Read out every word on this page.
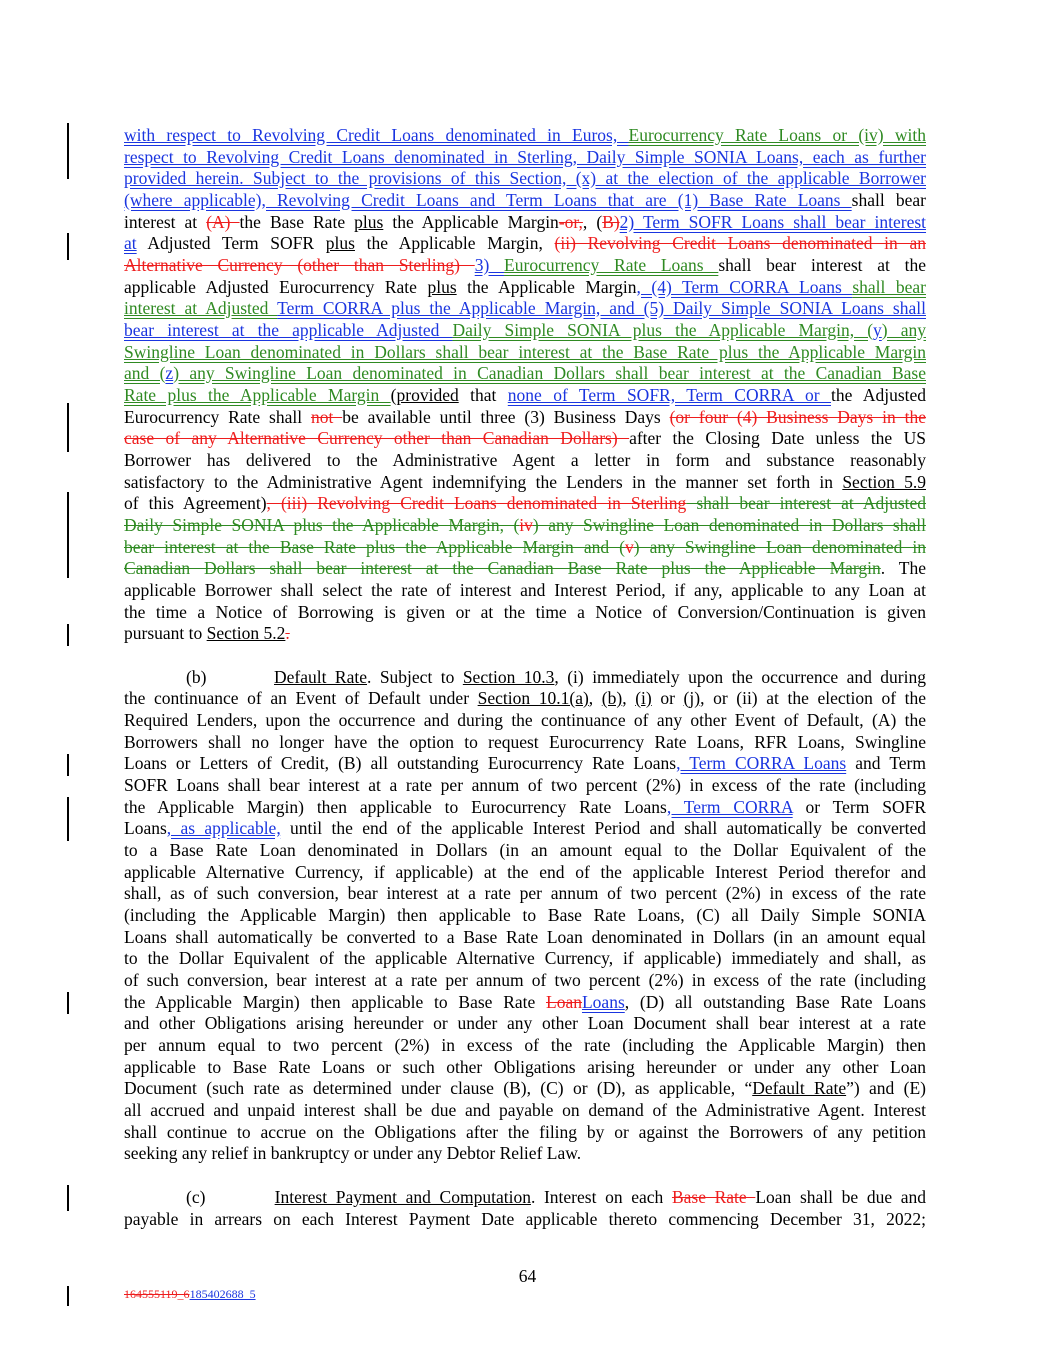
with respect to Revolving Credit Loans denominated in Euros, Eurocurrency Rate Loans or (iv) with
respect to Revolving Credit Loans denominated in Sterling, Daily Simple SONIA Loans, each as further
provided herein. Subject to the provisions of this Section, (x) at the election of the applicable Borrower
(where applicable), Revolving Credit Loans and Term Loans that are (1) Base Rate Loans shall bear
interest at (A) the Base Rate plus the Applicable Margin-or,, (B)2) Term SOFR Loans shall bear interest
at Adjusted Term SOFR plus the Applicable Margin, (ii) Revolving Credit Loans denominated in an
Alternative Currency (other than Sterling) 3) Eurocurrency Rate Loans shall bear interest at the
applicable Adjusted Eurocurrency Rate plus the Applicable Margin, (4) Term CORRA Loans shall bear
interest at Adjusted Term CORRA plus the Applicable Margin, and (5) Daily Simple SONIA Loans shall
bear interest at the applicable Adjusted Daily Simple SONIA plus the Applicable Margin, (y) any
Swingline Loan denominated in Dollars shall bear interest at the Base Rate plus the Applicable Margin
and (z) any Swingline Loan denominated in Canadian Dollars shall bear interest at the Canadian Base
Rate plus the Applicable Margin (provided that none of Term SOFR, Term CORRA or the Adjusted
Eurocurrency Rate shall not be available until three (3) Business Days (or four (4) Business Days in the
case of any Alternative Currency other than Canadian Dollars) after the Closing Date unless the US
Borrower has delivered to the Administrative Agent a letter in form and substance reasonably
satisfactory to the Administrative Agent indemnifying the Lenders in the manner set forth in Section 5.9
of this Agreement), (iii) Revolving Credit Loans denominated in Sterling shall bear interest at Adjusted
Daily Simple SONIA plus the Applicable Margin, (iv) any Swingline Loan denominated in Dollars shall
bear interest at the Base Rate plus the Applicable Margin and (v) any Swingline Loan denominated in
Canadian Dollars shall bear interest at the Canadian Base Rate plus the Applicable Margin. The
applicable Borrower shall select the rate of interest and Interest Period, if any, applicable to any Loan at
the time a Notice of Borrowing is given or at the time a Notice of Conversion/Continuation is given
pursuant to Section 5.2.
(b)        Default Rate. Subject to Section 10.3, (i) immediately upon the occurrence and during
the continuance of an Event of Default under Section 10.1(a), (b), (i) or (j), or (ii) at the election of the
Required Lenders, upon the occurrence and during the continuance of any other Event of Default, (A) the
Borrowers shall no longer have the option to request Eurocurrency Rate Loans, RFR Loans, Swingline
Loans or Letters of Credit, (B) all outstanding Eurocurrency Rate Loans, Term CORRA Loans and Term
SOFR Loans shall bear interest at a rate per annum of two percent (2%) in excess of the rate (including
the Applicable Margin) then applicable to Eurocurrency Rate Loans, Term CORRA or Term SOFR
Loans, as applicable, until the end of the applicable Interest Period and shall automatically be converted
to a Base Rate Loan denominated in Dollars (in an amount equal to the Dollar Equivalent of the
applicable Alternative Currency, if applicable) at the end of the applicable Interest Period therefor and
shall, as of such conversion, bear interest at a rate per annum of two percent (2%) in excess of the rate
(including the Applicable Margin) then applicable to Base Rate Loans, (C) all Daily Simple SONIA
Loans shall automatically be converted to a Base Rate Loan denominated in Dollars (in an amount equal
to the Dollar Equivalent of the applicable Alternative Currency, if applicable) immediately and shall, as
of such conversion, bear interest at a rate per annum of two percent (2%) in excess of the rate (including
the Applicable Margin) then applicable to Base Rate LoanLoans, (D) all outstanding Base Rate Loans
and other Obligations arising hereunder or under any other Loan Document shall bear interest at a rate
per annum equal to two percent (2%) in excess of the rate (including the Applicable Margin) then
applicable to Base Rate Loans or such other Obligations arising hereunder or under any other Loan
Document (such rate as determined under clause (B), (C) or (D), as applicable, “Default Rate”) and (E)
all accrued and unpaid interest shall be due and payable on demand of the Administrative Agent. Interest
shall continue to accrue on the Obligations after the filing by or against the Borrowers of any petition
seeking any relief in bankruptcy or under any Debtor Relief Law.
(c)        Interest Payment and Computation. Interest on each Base Rate Loan shall be due and
payable in arrears on each Interest Payment Date applicable thereto commencing December 31, 2022;
64
164555119_6185402688_5
